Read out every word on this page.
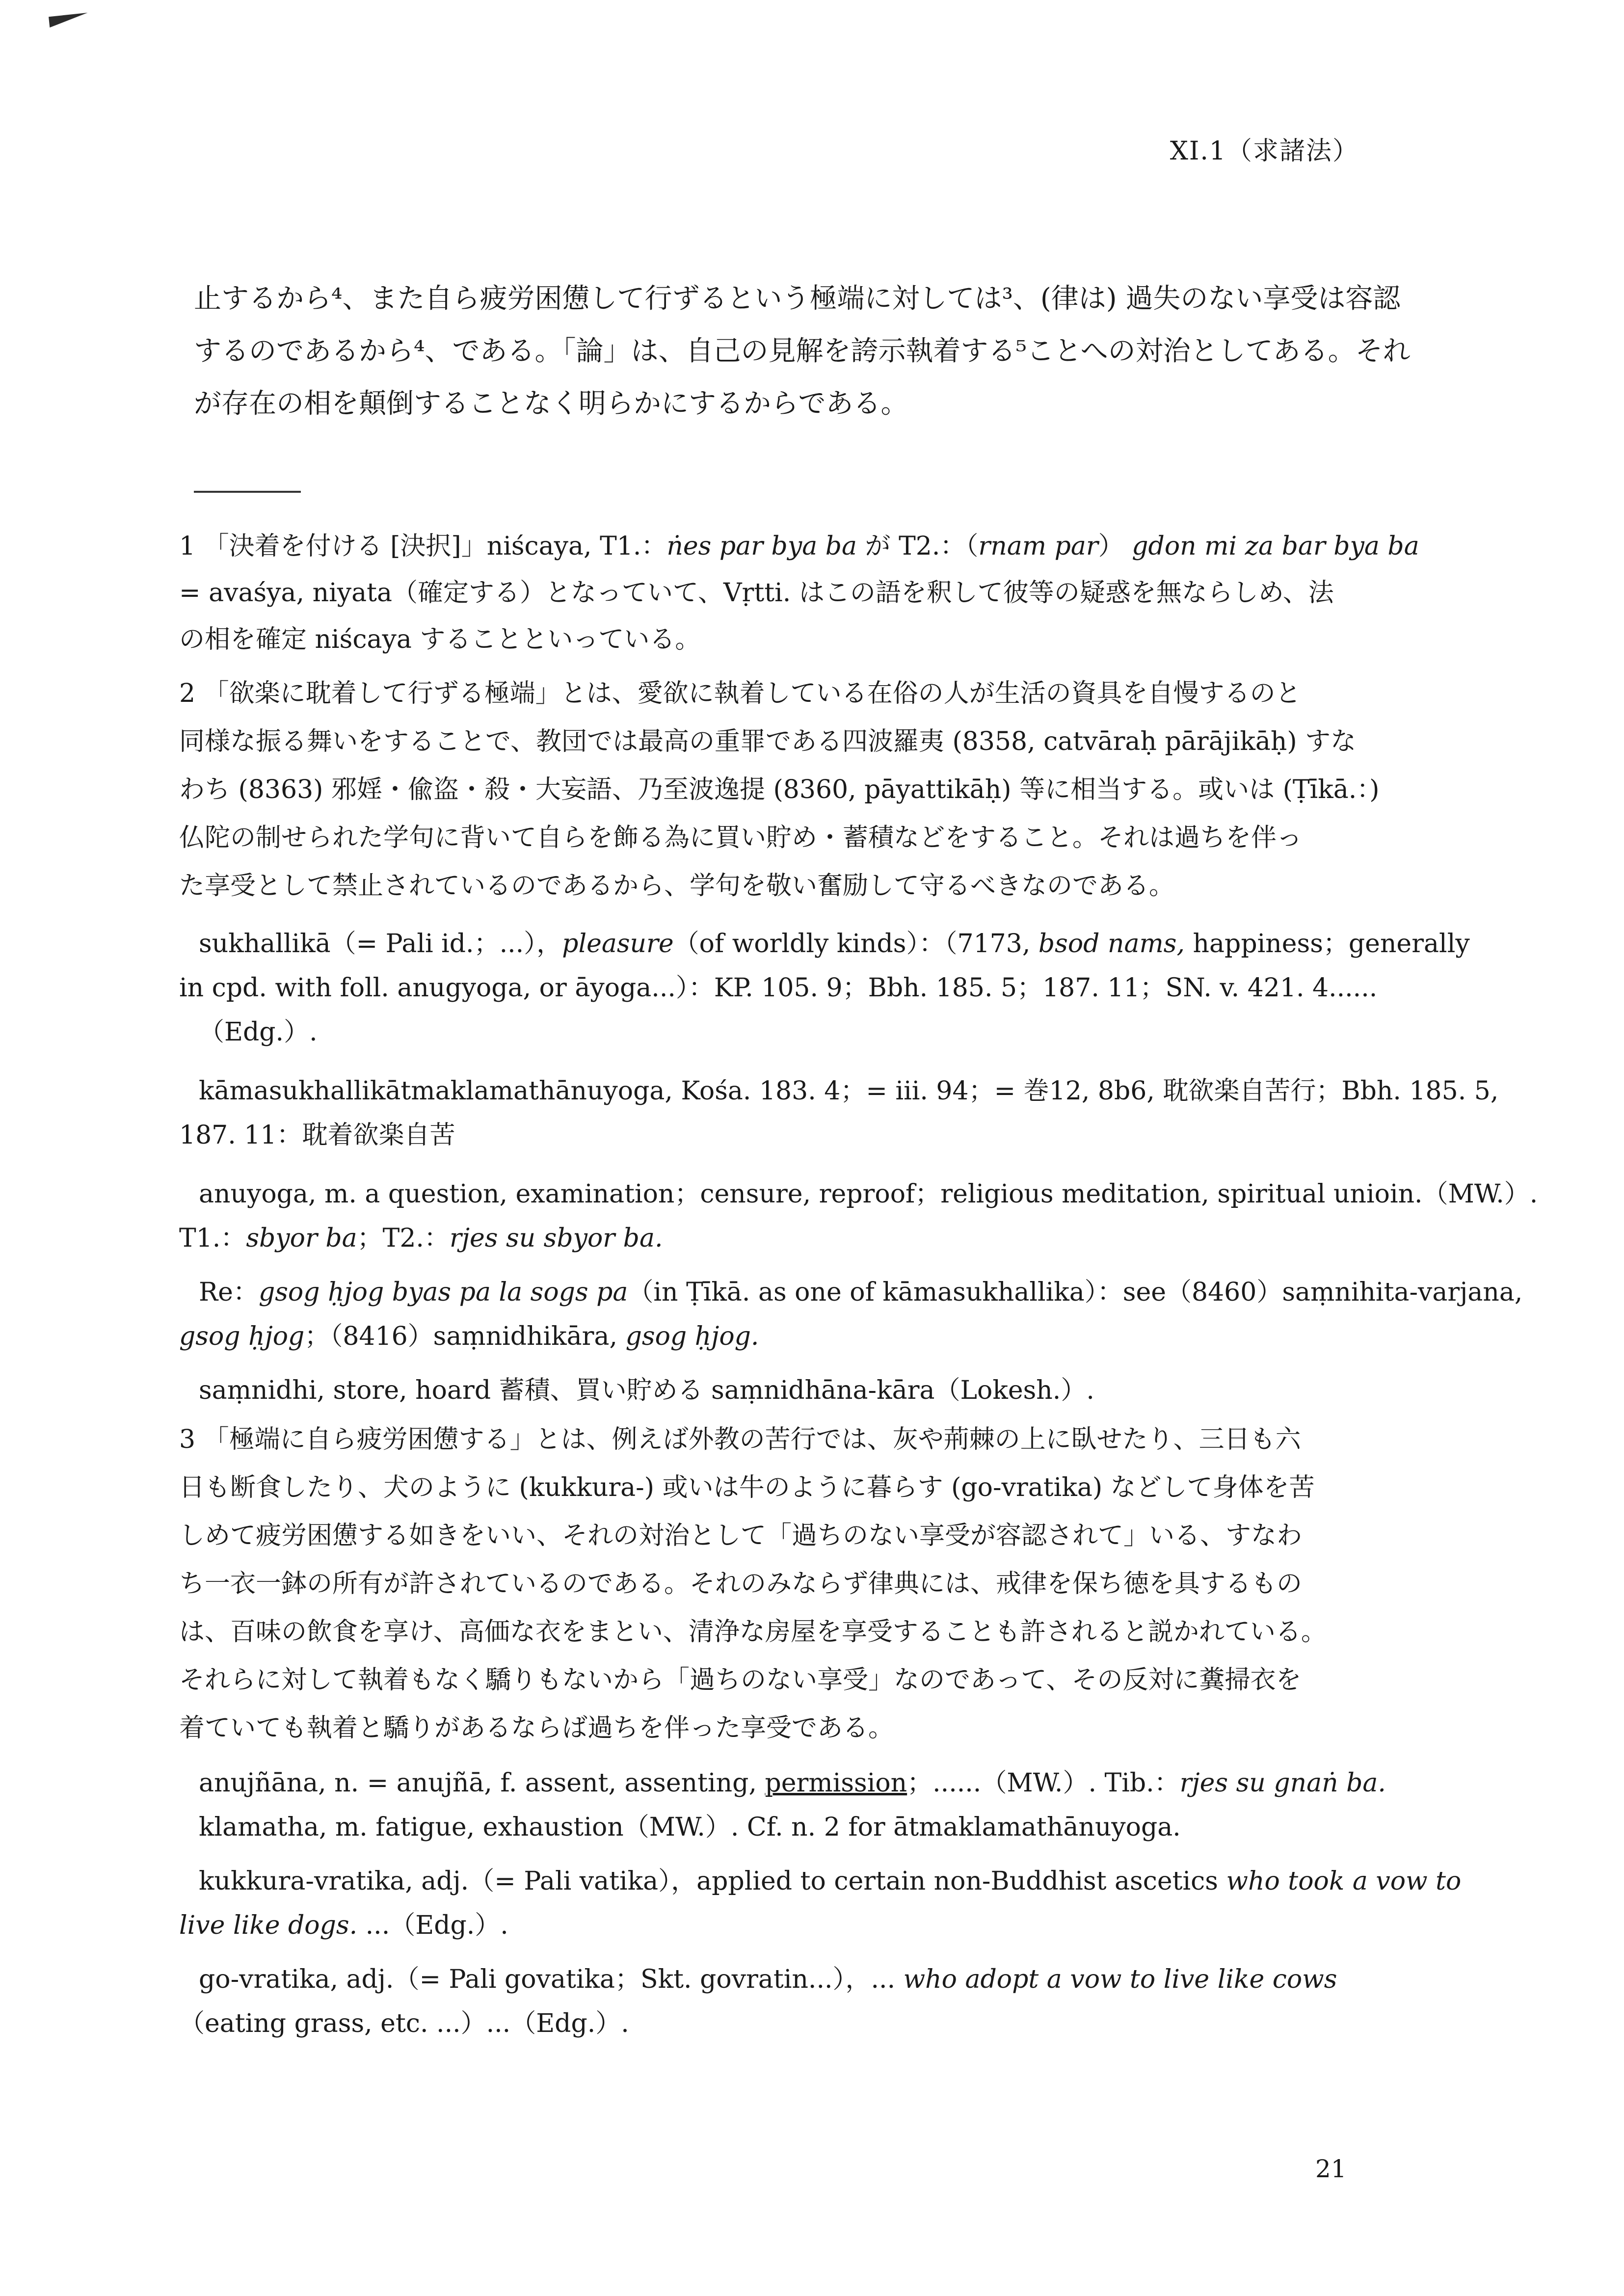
XI.1（求諸法）
止するから⁴、また自ら疲労困憊して行ずるという極端に対しては³、(律は) 過失のない享受は容認
するのであるから⁴、である。「論」は、自己の見解を誇示執着する⁵ことへの対治としてある。それ
が存在の相を顛倒することなく明らかにするからである。
1 「決着を付ける [決択]」niścaya, T1.：ṅes par bya ba が T2.：（rnam par） gdon mi za bar bya ba
= avaśya, niyata（確定する）となっていて、Vṛtti. はこの語を釈して彼等の疑惑を無ならしめ、法
の相を確定 niścaya することといっている。
2 「欲楽に耽着して行ずる極端」とは、愛欲に執着している在俗の人が生活の資具を自慢するのと
同様な振る舞いをすることで、教団では最高の重罪である四波羅夷 (8358, catvāraḥ pārājikāḥ) すな
わち (8363) 邪婬・偸盗・殺・大妄語、乃至波逸提 (8360, pāyattikāḥ) 等に相当する。或いは (Ṭīkā.：)
仏陀の制せられた学句に背いて自らを飾る為に買い貯め・蓄積などをすること。それは過ちを伴っ
た享受として禁止されているのであるから、学句を敬い奮励して守るべきなのである。
sukhallikā（= Pali id.；...），pleasure（of worldly kinds）：（7173, bsod nams, happiness；generally
in cpd. with foll. anugyoga, or āyoga...）：KP. 105. 9；Bbh. 185. 5；187. 11；SN. v. 421. 4......
（Edg.）.
kāmasukhallikātmaklamathānuyoga, Kośa. 183. 4；= iii. 94；= 巻12, 8b6, 耽欲楽自苦行；Bbh. 185. 5,
187. 11：耽着欲楽自苦
anuyoga, m. a question, examination；censure, reproof；religious meditation, spiritual unioin.（MW.）.
T1.：sbyor ba；T2.：rjes su sbyor ba.
Re：gsog ḥjog byas pa la sogs pa（in Ṭīkā. as one of kāmasukhallika）：see（8460）saṃnihita-varjana,
gsog ḥjog；（8416）saṃnidhikāra, gsog ḥjog.
saṃnidhi, store, hoard 蓄積、買い貯める saṃnidhāna-kāra（Lokesh.）.
3 「極端に自ら疲労困憊する」とは、例えば外教の苦行では、灰や荊棘の上に臥せたり、三日も六
日も断食したり、犬のように (kukkura-) 或いは牛のように暮らす (go-vratika) などして身体を苦
しめて疲労困憊する如きをいい、それの対治として「過ちのない享受が容認されて」いる、すなわ
ち一衣一鉢の所有が許されているのである。それのみならず律典には、戒律を保ち徳を具するもの
は、百味の飲食を享け、高価な衣をまとい、清浄な房屋を享受することも許されると説かれている。
それらに対して執着もなく驕りもないから「過ちのない享受」なのであって、その反対に糞掃衣を
着ていても執着と驕りがあるならば過ちを伴った享受である。
anujñāna, n. = anujñā, f. assent, assenting, permission；......（MW.）. Tib.：rjes su gnaṅ ba.
klamatha, m. fatigue, exhaustion（MW.）. Cf. n. 2 for ātmaklamathānuyoga.
kukkura-vratika, adj.（= Pali vatika），applied to certain non-Buddhist ascetics who took a vow to
live like dogs. ...（Edg.）.
go-vratika, adj.（= Pali govatika；Skt. govratin...），... who adopt a vow to live like cows
（eating grass, etc. ...）...（Edg.）.
21
